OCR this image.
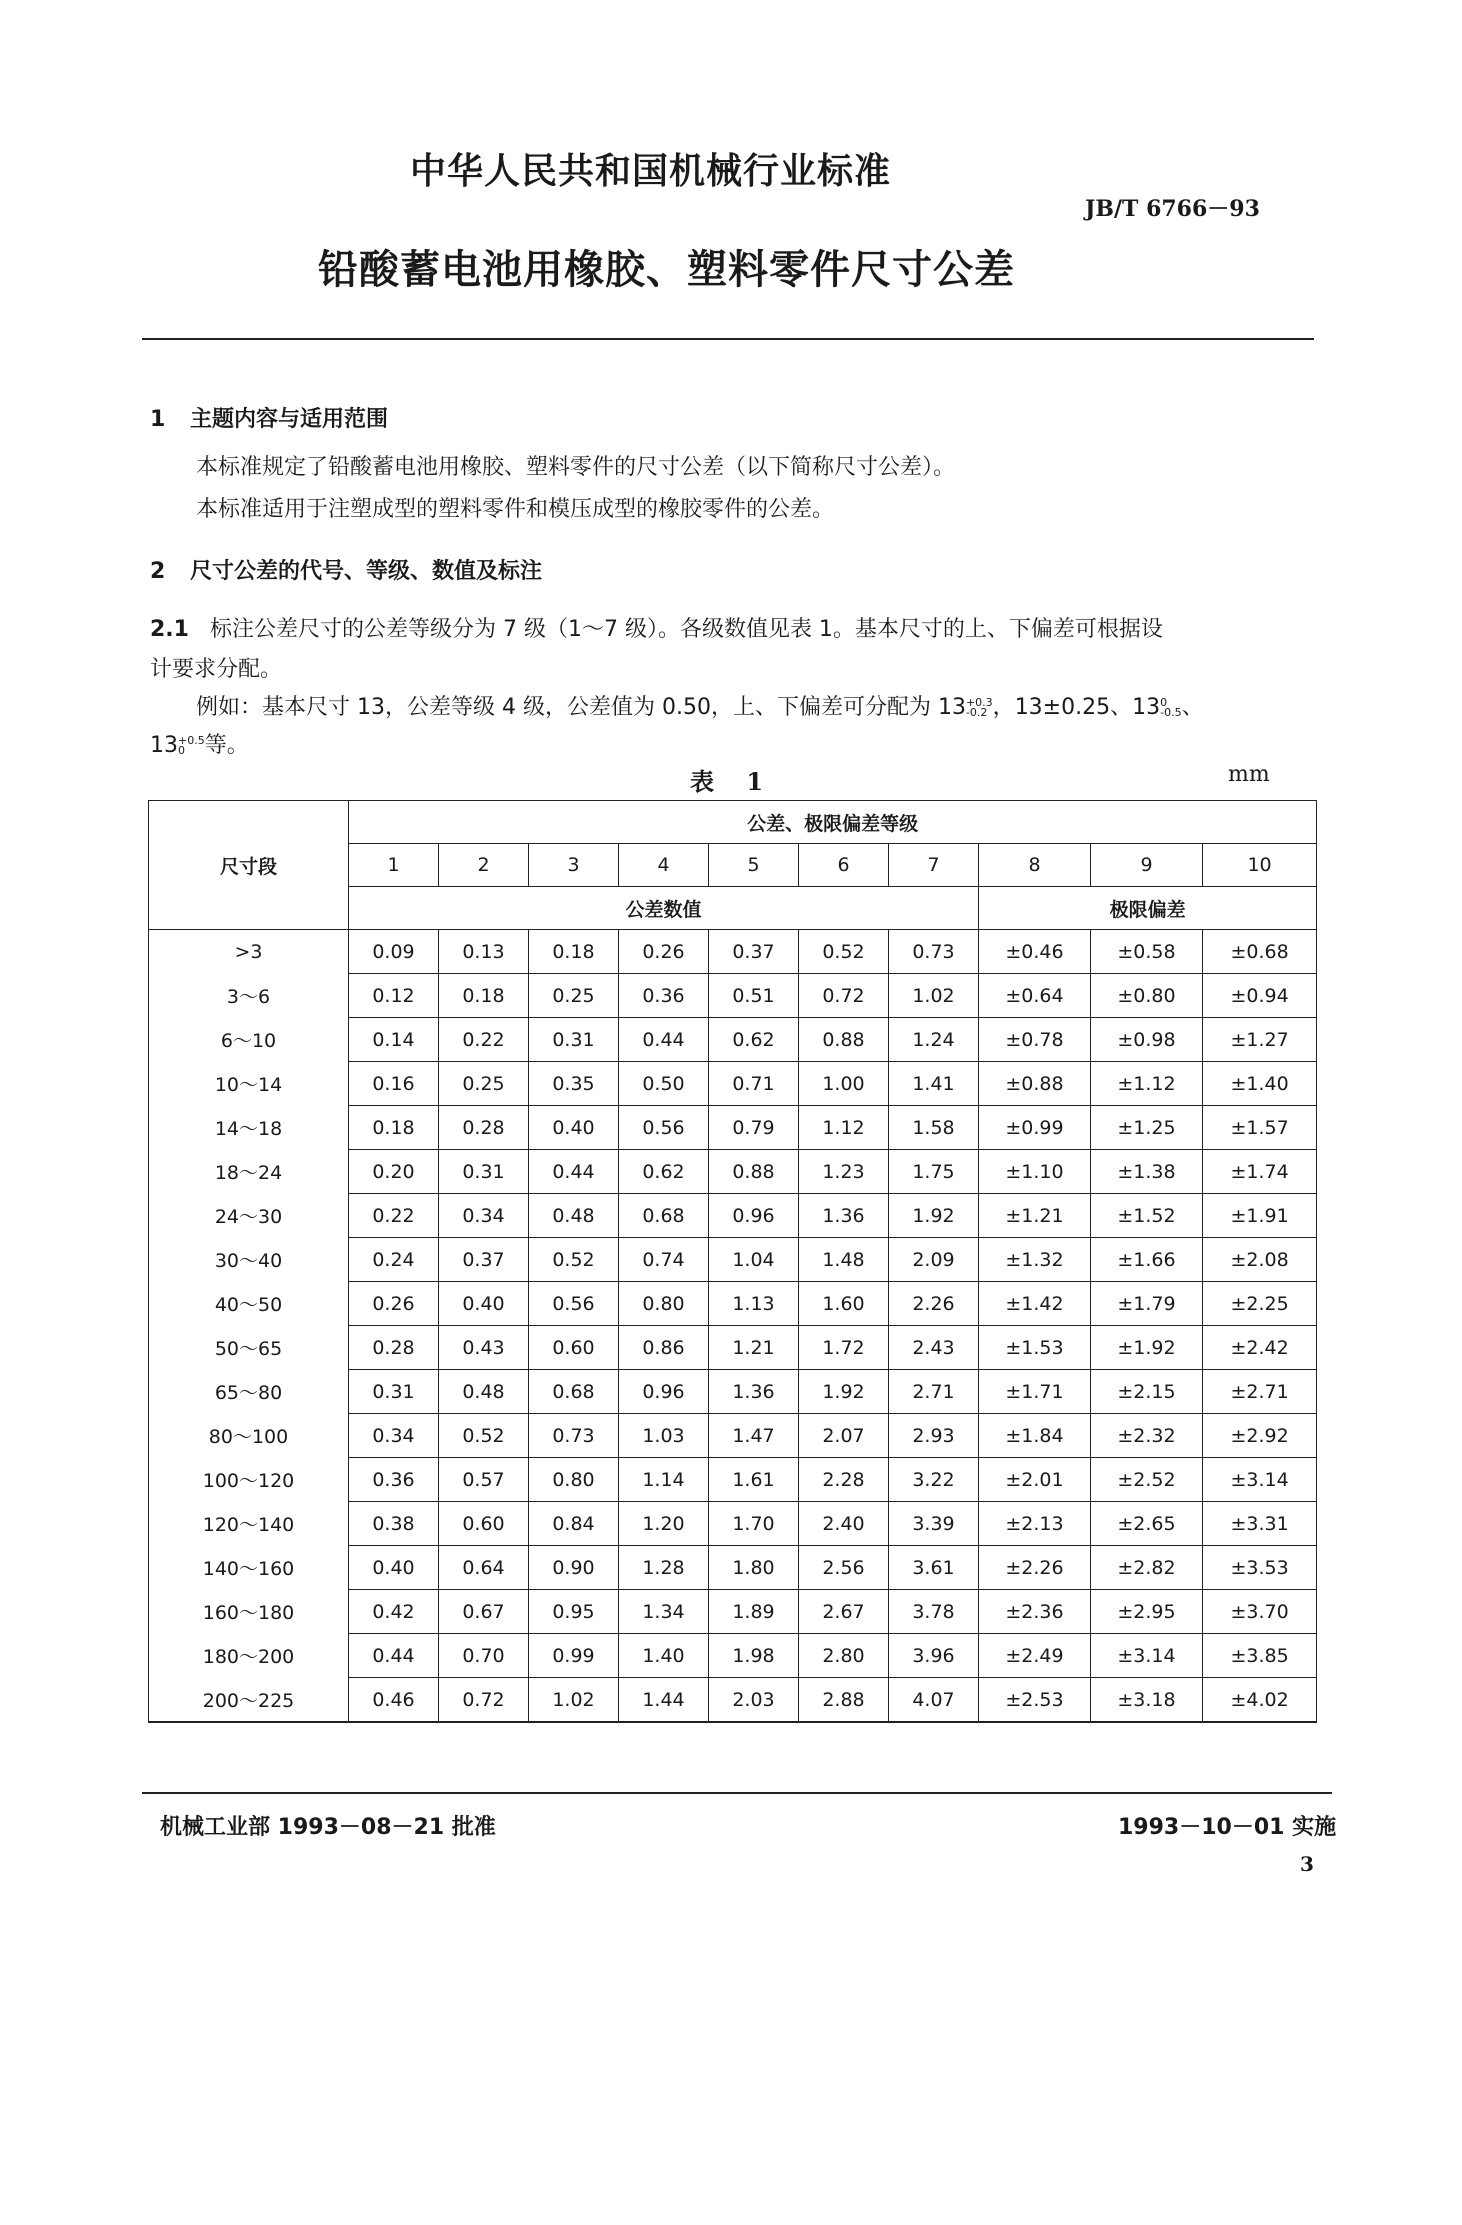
中华人民共和国机械行业标准
JB/T 6766－93
铅酸蓄电池用橡胶、塑料零件尺寸公差
1 主题内容与适用范围
本标准规定了铅酸蓄电池用橡胶、塑料零件的尺寸公差（以下简称尺寸公差）。
本标准适用于注塑成型的塑料零件和模压成型的橡胶零件的公差。
2 尺寸公差的代号、等级、数值及标注
2.1 标注公差尺寸的公差等级分为 7 级（1～7 级）。各级数值见表 1。基本尺寸的上、下偏差可根据设
计要求分配。
例如：基本尺寸 13，公差等级 4 级，公差值为 0.50，上、下偏差可分配为 13 +0.3
-0.2 ，13±0.25、13 0
-0.5 、
13 +0.5
0 等。
表 1	mm
尺寸段	公差、极限偏差等级									
	1	2	3	4	5	6	7	8	9	10
	公差数值							极限偏差		
>3	0.09	0.13	0.18	0.26	0.37	0.52	0.73	±0.46	±0.58	±0.68
3～6	0.12	0.18	0.25	0.36	0.51	0.72	1.02	±0.64	±0.80	±0.94
6～10	0.14	0.22	0.31	0.44	0.62	0.88	1.24	±0.78	±0.98	±1.27
10～14	0.16	0.25	0.35	0.50	0.71	1.00	1.41	±0.88	±1.12	±1.40
14～18	0.18	0.28	0.40	0.56	0.79	1.12	1.58	±0.99	±1.25	±1.57
18～24	0.20	0.31	0.44	0.62	0.88	1.23	1.75	±1.10	±1.38	±1.74
24～30	0.22	0.34	0.48	0.68	0.96	1.36	1.92	±1.21	±1.52	±1.91
30～40	0.24	0.37	0.52	0.74	1.04	1.48	2.09	±1.32	±1.66	±2.08
40～50	0.26	0.40	0.56	0.80	1.13	1.60	2.26	±1.42	±1.79	±2.25
50～65	0.28	0.43	0.60	0.86	1.21	1.72	2.43	±1.53	±1.92	±2.42
65～80	0.31	0.48	0.68	0.96	1.36	1.92	2.71	±1.71	±2.15	±2.71
80～100	0.34	0.52	0.73	1.03	1.47	2.07	2.93	±1.84	±2.32	±2.92
100～120	0.36	0.57	0.80	1.14	1.61	2.28	3.22	±2.01	±2.52	±3.14
120～140	0.38	0.60	0.84	1.20	1.70	2.40	3.39	±2.13	±2.65	±3.31
140～160	0.40	0.64	0.90	1.28	1.80	2.56	3.61	±2.26	±2.82	±3.53
160～180	0.42	0.67	0.95	1.34	1.89	2.67	3.78	±2.36	±2.95	±3.70
180～200	0.44	0.70	0.99	1.40	1.98	2.80	3.96	±2.49	±3.14	±3.85
200～225	0.46	0.72	1.02	1.44	2.03	2.88	4.07	±2.53	±3.18	±4.02
机械工业部 1993－08－21 批准	1993－10－01 实施
3
